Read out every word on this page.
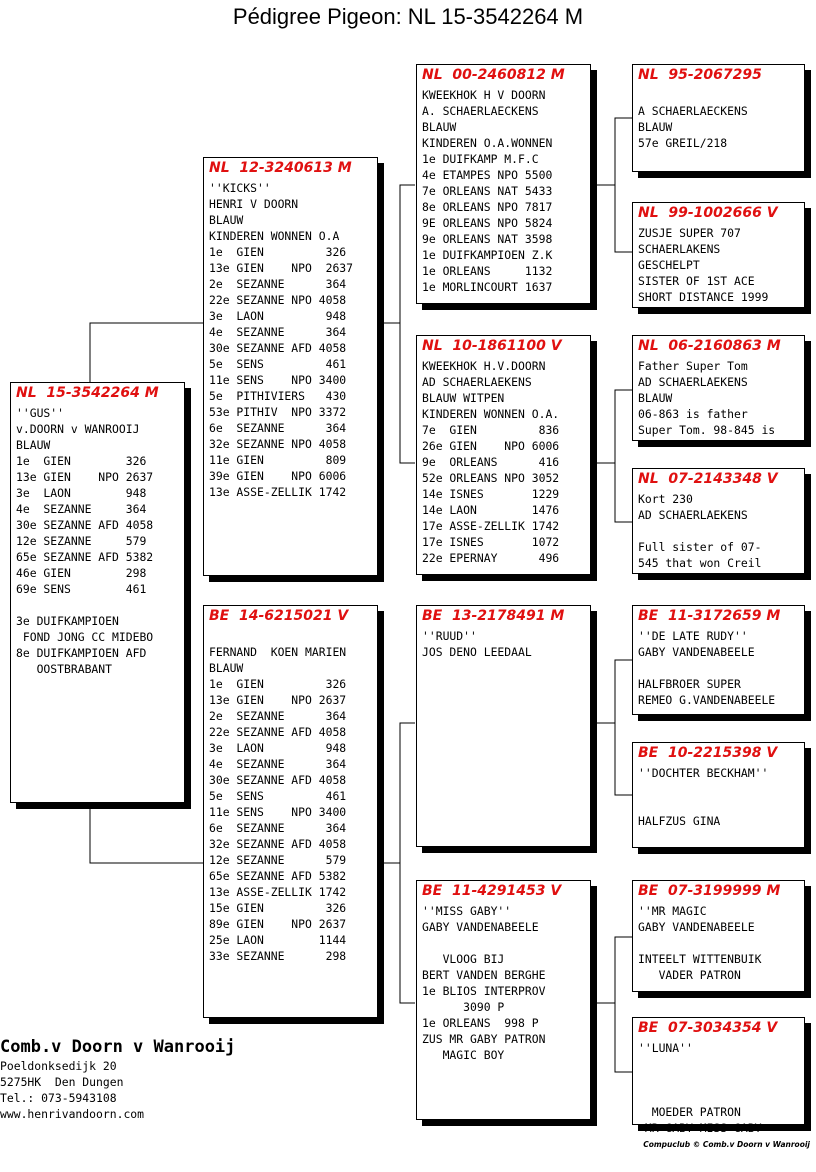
Pédigree Pigeon: NL 15-3542264 M
NL  15-3542264 M
''GUS''
v.DOORN v WANROOIJ
BLAUW
1e  GIEN        326
13e GIEN    NPO 2637
3e  LAON        948
4e  SEZANNE     364
30e SEZANNE AFD 4058
12e SEZANNE     579
65e SEZANNE AFD 5382
46e GIEN        298
69e SENS        461
3e DUIFKAMPIOEN
FOND JONG CC MIDEBO
8e DUIFKAMPIOEN AFD
OOSTBRABANT
NL  12-3240613 M
''KICKS''
HENRI V DOORN
BLAUW
KINDEREN WONNEN O.A
1e  GIEN         326
13e GIEN    NPO  2637
2e  SEZANNE      364
22e SEZANNE NPO 4058
3e  LAON         948
4e  SEZANNE      364
30e SEZANNE AFD 4058
5e  SENS         461
11e SENS    NPO 3400
5e  PITHIVIERS   430
53e PITHIV  NPO 3372
6e  SEZANNE      364
32e SEZANNE NPO 4058
11e GIEN         809
39e GIEN    NPO 6006
13e ASSE-ZELLIK 1742
BE  14-6215021 V
FERNAND  KOEN MARIEN
BLAUW
1e  GIEN         326
13e GIEN    NPO 2637
2e  SEZANNE      364
22e SEZANNE AFD 4058
3e  LAON         948
4e  SEZANNE      364
30e SEZANNE AFD 4058
5e  SENS         461
11e SENS    NPO 3400
6e  SEZANNE      364
32e SEZANNE AFD 4058
12e SEZANNE      579
65e SEZANNE AFD 5382
13e ASSE-ZELLIK 1742
15e GIEN         326
89e GIEN    NPO 2637
25e LAON        1144
33e SEZANNE      298
NL  00-2460812 M
KWEEKHOK H V DOORN
A. SCHAERLAECKENS
BLAUW
KINDEREN O.A.WONNEN
1e DUIFKAMP M.F.C
4e ETAMPES NPO 5500
7e ORLEANS NAT 5433
8e ORLEANS NPO 7817
9E ORLEANS NPO 5824
9e ORLEANS NAT 3598
1e DUIFKAMPIOEN Z.K
1e ORLEANS     1132
1e MORLINCOURT 1637
NL  10-1861100 V
KWEEKHOK H.V.DOORN
AD SCHAERLAEKENS
BLAUW WITPEN
KINDEREN WONNEN O.A.
7e  GIEN         836
26e GIEN    NPO 6006
9e  ORLEANS      416
52e ORLEANS NPO 3052
14e ISNES       1229
14e LAON        1476
17e ASSE-ZELLIK 1742
17e ISNES       1072
22e EPERNAY      496
BE  13-2178491 M
''RUUD''
JOS DENO LEEDAAL
BE  11-4291453 V
''MISS GABY''
GABY VANDENABEELE
VLOOG BIJ
BERT VANDEN BERGHE
1e BLIOS INTERPROV
3090 P
1e ORLEANS  998 P
ZUS MR GABY PATRON
MAGIC BOY
NL  95-2067295
A SCHAERLAECKENS
BLAUW
57e GREIL/218
NL  99-1002666 V
ZUSJE SUPER 707
SCHAERLAKENS
GESCHELPT
SISTER OF 1ST ACE
SHORT DISTANCE 1999
NL  06-2160863 M
Father Super Tom
AD SCHAERLAEKENS
BLAUW
06-863 is father
Super Tom. 98-845 is
NL  07-2143348 V
Kort 230
AD SCHAERLAEKENS
Full sister of 07-
545 that won Creil
BE  11-3172659 M
''DE LATE RUDY''
GABY VANDENABEELE
HALFBROER SUPER
REMEO G.VANDENABEELE
BE  10-2215398 V
''DOCHTER BECKHAM''
HALFZUS GINA
BE  07-3199999 M
''MR MAGIC
GABY VANDENABEELE
INTEELT WITTENBUIK
VADER PATRON
BE  07-3034354 V
''LUNA''
MOEDER PATRON
MR GABY MISS GABY
Comb.v Doorn v Wanrooij
Poeldonksedijk 20
5275HK  Den Dungen
Tel.: 073-5943108
www.henrivandoorn.com
Compuclub © Comb.v Doorn v Wanrooij
